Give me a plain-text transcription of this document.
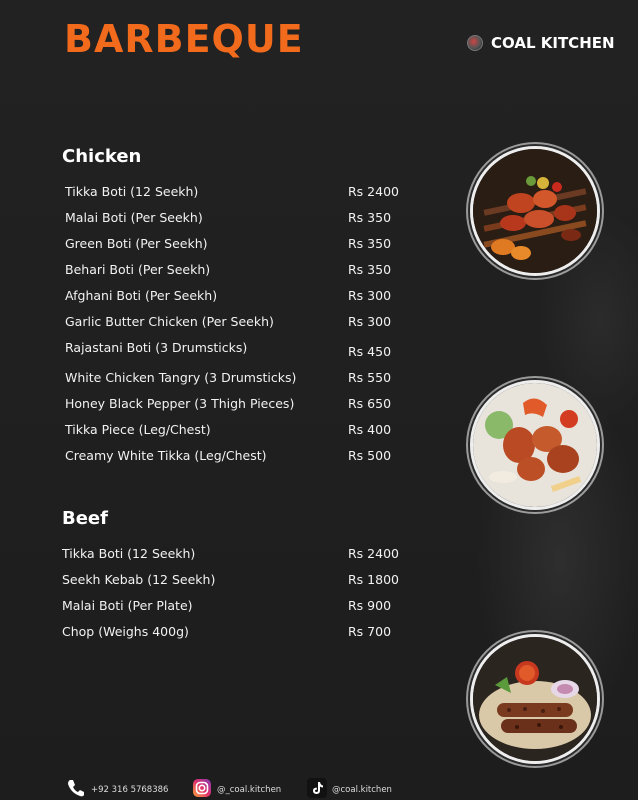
BARBEQUE	COAL KITCHEN
Chicken
Tikka Boti (12 Seekh)	Rs 2400
Malai Boti (Per Seekh)	Rs 350
Green Boti (Per Seekh)	Rs 350
Behari Boti (Per Seekh)	Rs 350
Afghani Boti (Per Seekh)	Rs 300
Garlic Butter Chicken (Per Seekh)	Rs 300
Rajastani Boti (3 Drumsticks)	Rs 450
White Chicken Tangry (3 Drumsticks)	Rs 550
Honey Black Pepper (3 Thigh Pieces)	Rs 650
Tikka Piece (Leg/Chest)	Rs 400
Creamy White Tikka (Leg/Chest)	Rs 500
Beef
Tikka Boti (12 Seekh)	Rs 2400
Seekh Kebab (12 Seekh)	Rs 1800
Malai Boti (Per Plate)	Rs 900
Chop (Weighs 400g)	Rs 700
+92 316 5768386	@_coal.kitchen	@coal.kitchen
